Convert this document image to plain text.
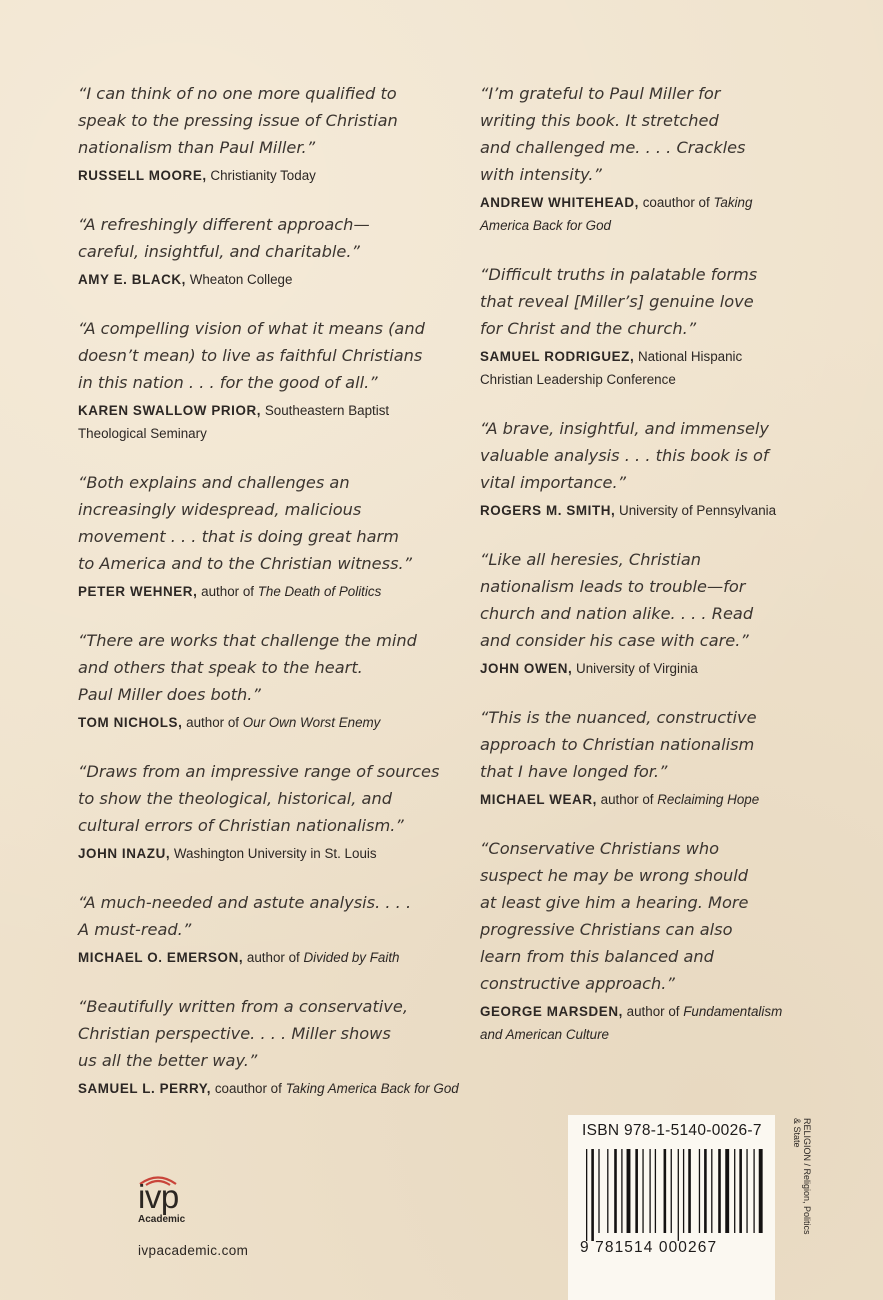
“I can think of no one more qualified to
speak to the pressing issue of Christian
nationalism than Paul Miller.”

RUSSELL MOORE, Christianity Today

“A refreshingly different approach—
careful, insightful, and charitable.”

AMY E. BLACK, Wheaton College

“A compelling vision of what it means (and
doesn’t mean) to live as faithful Christians
in this nation . . . for the good of all.”

KAREN SWALLOW PRIOR, Southeastern Baptist
Theological Seminary

“Both explains and challenges an
increasingly widespread, malicious
movement . . . that is doing great harm
to America and to the Christian witness.”

PETER WEHNER, author of The Death of Politics

“There are works that challenge the mind
and others that speak to the heart.
Paul Miller does both.”

TOM NICHOLS, author of Our Own Worst Enemy

“Draws from an impressive range of sources
to show the theological, historical, and
cultural errors of Christian nationalism.”

JOHN INAZU, Washington University in St. Louis

“A much-needed and astute analysis. . . .
A must-read.”

MICHAEL O. EMERSON, author of Divided by Faith

“Beautifully written from a conservative,
Christian perspective. . . . Miller shows
us all the better way.”

SAMUEL L. PERRY, coauthor of Taking America Back for God

“I’m grateful to Paul Miller for
writing this book. It stretched
and challenged me. . . . Crackles
with intensity.”

ANDREW WHITEHEAD, coauthor of Taking
America Back for God

“Difficult truths in palatable forms
that reveal [Miller’s] genuine love
for Christ and the church.”

SAMUEL RODRIGUEZ, National Hispanic
Christian Leadership Conference

“A brave, insightful, and immensely
valuable analysis . . . this book is of
vital importance.”

ROGERS M. SMITH, University of Pennsylvania

“Like all heresies, Christian
nationalism leads to trouble—for
church and nation alike. . . . Read
and consider his case with care.”

JOHN OWEN, University of Virginia

“This is the nuanced, constructive
approach to Christian nationalism
that I have longed for.”

MICHAEL WEAR, author of Reclaiming Hope

“Conservative Christians who
suspect he may be wrong should
at least give him a hearing. More
progressive Christians can also
learn from this balanced and
constructive approach.”

GEORGE MARSDEN, author of Fundamentalism
and American Culture
ivp
Academic
ivpacademic.com
ISBN 978-1-5140-0026-7
9 781514 000267
RELIGION / Religion, Politics
& State
